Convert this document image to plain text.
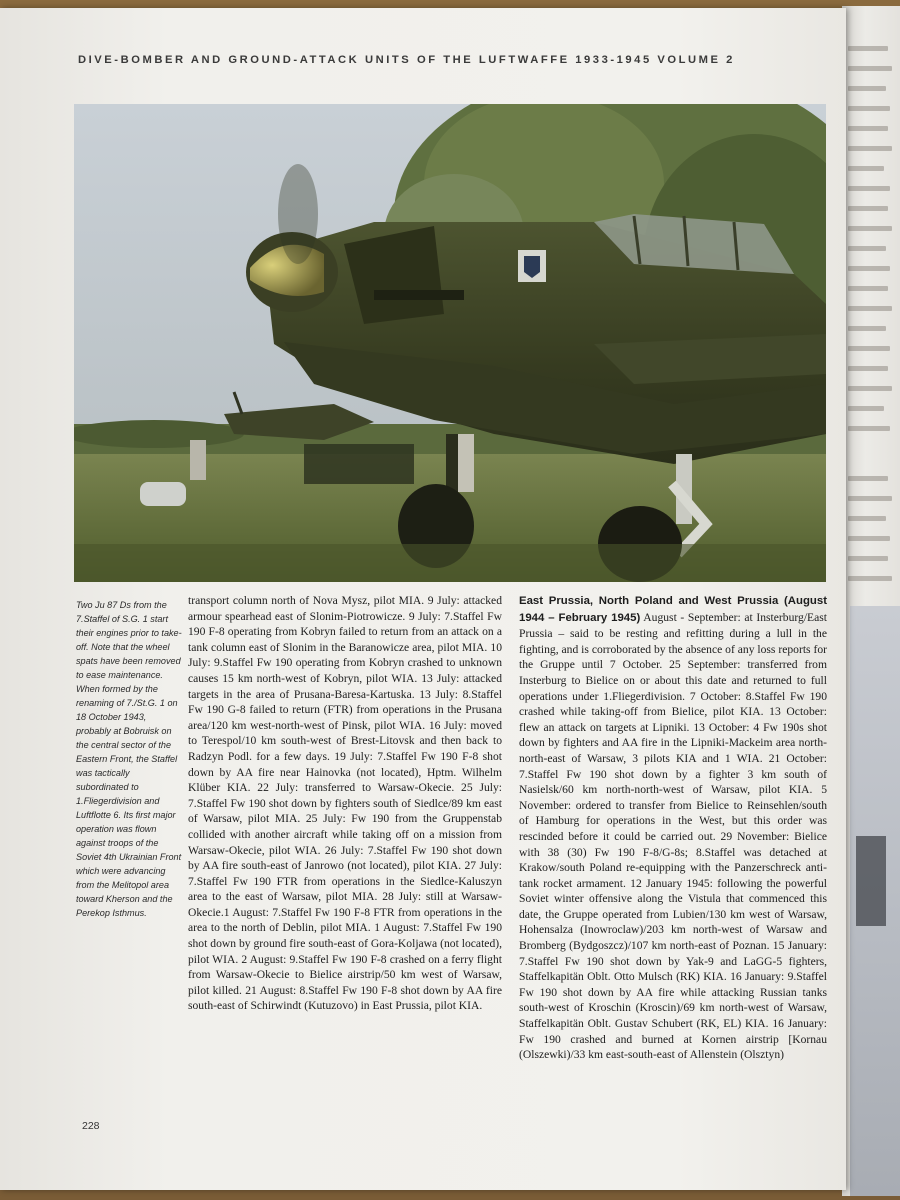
DIVE-BOMBER AND GROUND-ATTACK UNITS OF THE LUFTWAFFE 1933-1945 VOLUME 2
Two Ju 87 Ds from the 7.Staffel of S.G. 1 start their engines prior to take-off. Note that the wheel spats have been removed to ease maintenance. When formed by the renaming of 7./St.G. 1 on 18 October 1943, probably at Bobruisk on the central sector of the Eastern Front, the Staffel was tactically subordinated to 1.Fliegerdivision and Luftflotte 6. Its first major operation was flown against troops of the Soviet 4th Ukrainian Front which were advancing from the Melitopol area toward Kherson and the Perekop Isthmus.
transport column north of Nova Mysz, pilot MIA. 9 July: attacked armour spearhead east of Slonim-Piotrowicze. 9 July: 7.Staffel Fw 190 F-8 operating from Kobryn failed to return from an attack on a tank column east of Slonim in the Baranowicze area, pilot MIA. 10 July: 9.Staffel Fw 190 operating from Kobryn crashed to unknown causes 15 km north-west of Kobryn, pilot WIA. 13 July: attacked targets in the area of Prusana-Baresa-Kartuska. 13 July: 8.Staffel Fw 190 G-8 failed to return (FTR) from operations in the Prusana area/120 km west-north-west of Pinsk, pilot WIA. 16 July: moved to Terespol/10 km south-west of Brest-Litovsk and then back to Radzyn Podl. for a few days. 19 July: 7.Staffel Fw 190 F-8 shot down by AA fire near Hainovka (not located), Hptm. Wilhelm Klüber KIA. 22 July: transferred to Warsaw-Okecie. 25 July: 7.Staffel Fw 190 shot down by fighters south of Siedlce/89 km east of Warsaw, pilot MIA. 25 July: Fw 190 from the Gruppenstab collided with another aircraft while taking off on a mission from Warsaw-Okecie, pilot WIA. 26 July: 7.Staffel Fw 190 shot down by AA fire south-east of Janrowo (not located), pilot KIA. 27 July: 7.Staffel Fw 190 FTR from operations in the Siedlce-Kaluszyn area to the east of Warsaw, pilot MIA. 28 July: still at Warsaw-Okecie.1 August: 7.Staffel Fw 190 F-8 FTR from operations in the area to the north of Deblin, pilot MIA. 1 August: 7.Staffel Fw 190 shot down by ground fire south-east of Gora-Koljawa (not located), pilot WIA. 2 August: 9.Staffel Fw 190 F-8 crashed on a ferry flight from Warsaw-Okecie to Bielice airstrip/50 km west of Warsaw, pilot killed. 21 August: 8.Staffel Fw 190 F-8 shot down by AA fire south-east of Schirwindt (Kutuzovo) in East Prussia, pilot KIA.
East Prussia, North Poland and West Prussia (August 1944 – February 1945) August - September: at Insterburg/East Prussia – said to be resting and refitting during a lull in the fighting, and is corroborated by the absence of any loss reports for the Gruppe until 7 October. 25 September: transferred from Insterburg to Bielice on or about this date and returned to full operations under 1.Fliegerdivision. 7 October: 8.Staffel Fw 190 crashed while taking-off from Bielice, pilot KIA. 13 October: flew an attack on targets at Lipniki. 13 October: 4 Fw 190s shot down by fighters and AA fire in the Lipniki-Mackeim area north-north-east of Warsaw, 3 pilots KIA and 1 WIA. 21 October: 7.Staffel Fw 190 shot down by a fighter 3 km south of Nasielsk/60 km north-north-west of Warsaw, pilot KIA. 5 November: ordered to transfer from Bielice to Reinsehlen/south of Hamburg for operations in the West, but this order was rescinded before it could be carried out. 29 November: Bielice with 38 (30) Fw 190 F-8/G-8s; 8.Staffel was detached at Krakow/south Poland re-equipping with the Panzerschreck anti-tank rocket armament. 12 January 1945: following the powerful Soviet winter offensive along the Vistula that commenced this date, the Gruppe operated from Lubien/130 km west of Warsaw, Hohensalza (Inowroclaw)/203 km north-west of Warsaw and Bromberg (Bydgoszcz)/107 km north-east of Poznan. 15 January: 7.Staffel Fw 190 shot down by Yak-9 and LaGG-5 fighters, Staffelkapitän Oblt. Otto Mulsch (RK) KIA. 16 January: 9.Staffel Fw 190 shot down by AA fire while attacking Russian tanks south-west of Kroschin (Kroscin)/69 km north-west of Warsaw, Staffelkapitän Oblt. Gustav Schubert (RK, EL) KIA. 16 January: Fw 190 crashed and burned at Kornen airstrip [Kornau (Olszewki)/33 km east-south-east of Allenstein (Olsztyn)
228
